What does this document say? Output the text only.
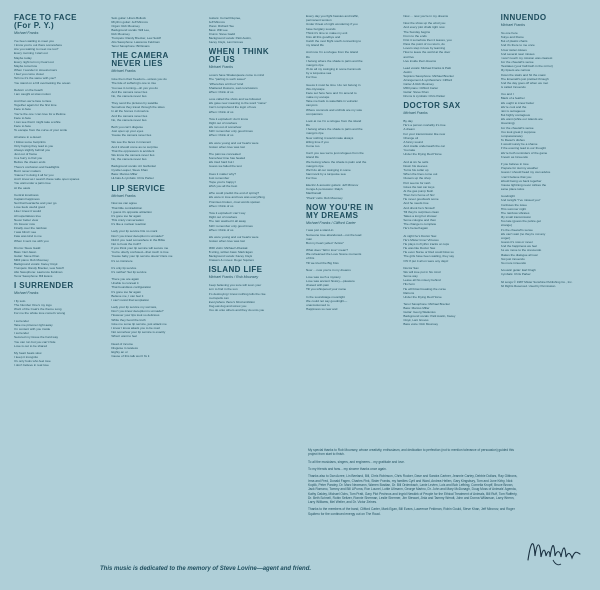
FACE TO FACE
(For P. Y.)
Michael Franks
I've been waiting to meet you
I know you're out there somewhere
Are you waiting to meet me too?
Every morning I start out
Maybe today
Every night turn my heart out
Maybe tomorrow
When I wonder in streetcorners
I feel you come closer
Tell me it's the same with you?
You stand on a hill overlooking the ocean
Reborn on the beach
I am caught at slow motion
And then we're face to face
Together again for the first time
Face to face
You're the one I can love for a lifetime
Face to face
I can see that it might take a while
Face to face
To escape from the curve of your smile
All alone in a desert
I follow some footprints
Only hoping they lead to you
Always slightly behind you
Just out of frame
In a hurry to find you
Before the dream ends
There's confusion and headlights
But it never matters
'Cause I'm doing it all for you
And I know as I search these wide open spaces
You wait under a palm tree
At the oasis
Central loneliness
Captain happiness
Set that heartache and your go
Love feels useful good
Like I knew it would
All superlatives true
Never better view
It's forever now
Finally over the rainbow
I was blind I see
Fate was kind to me
When it sent me with you
Drums: Steve Gadd
Bass: Neil Jason
Guitar: Steve Khan
MIDI piano: Rob Mounsey
Background vocals: Kacey Cisyk
Trumpets: Randy Brecker, Lew Soloff
Alto Saxophone: Lawrence Feldman
Tenor Saxophone: Bill Evans
I SURRENDER
Michael Franks
I fly solo
The Number One's my logo
Worit of the Coat's the theme song
For me the whole love comet's wrong
I surrender
Take me prisoner right away
I'm content with you inside
I surrender
Secured my tissue the hard way
You can run but you can't hide
Love is out to be shared
My heart beats slow
I keep it incognito
It's only fools who feel love
I don't believe in real love
Solo guitar: Hiram Bullock
Rhythm guitar: Jeff Mironov
Organ: Rob Mounsey
Background vocals: Will Lee,
Rob Mounsey
Trumpets: Randy Brecker, Lew Soloff
Alto Saxophone: Lawrence Feldman
Tenor Saxophone: Bill Evans
THE CAMERA
NEVER LIES
Michael Franks
Give them their freedom—unless you do
The tide of suffering's one to rise
You see it coming—oh yes you do
And the camera never lies
No, the camera never lies
They send the pictures by satellite
Somehow they travel through the skies
In all the homes in America
And the camera never lies
No, the camera never lies
Both you can't disguise
Just open up your eyes
'Cause the camera never lies
We see the faces in innocent
And it should come as no surprise
That the oppressors is accident
We know the camera never lies
No, the camera never lies
Background vocals: Art Garfunkel
Cyndie Lauper, Steve Khan
Bass: Marcus Miller
Hi-hats & cymbals: Chris Parker
LIP SERVICE
Michael Franks
Now we can agree
That little contradiction
I guess it's opposite attraction
It's gone too far again
This crazy conversation
It's like a nuclear reaction
Lady your lip service hits no mark
Don't you know deception is unmade?
Didn't you read somewhere in the Bible
Not to hook the truth?
If you think your lip service will secure me
You're utterly confused—that much is true
'Cause baby your lip service doesn't faze me
It's so insincere
It's only lip service
It's neither! Set lip service
There you are again
Unable to conceal it
That boundless configuration
It's gone too far again
Believe me, I can feel it
I can't resist that temptation
Lady your lip service my sorrows,
Don't you know deception is unmade?
However your lips look so delicious
While they bend the truth
Give me some lip service, just attack me
I know I know attack you to be mad
Not somehow your lip service is exactly
What I want to feel
Dead of income
Disguise it careless
Eighty an or
Cause of this talk won't fix it
Guitars: Cornell Dupree,
Jeff Mironov
Piano: Richard Tee
Bass: Will Lee
Drums: Steve Gadd
Background vocals: Patti Austin,
Kacey Cisyk, Lani Groves
WHEN I THINK
OF US
Michael Franks
Lovers have Shakespeare come to mind
The "parting is such sweet"
"Wherefore art thou" kind
Shattered illusions, sad conclusions
When I think of us
Love called the shots and we followed
We gave new meaning to the word "naive"
Can't comprehend the logic of love
When I think of us
How it exploded I don't know
Right out of nowhere
We ran out of somehow
Still I remember only good times
When I think of us
We were young and our hearts were
broken when love was lost
The pain we concealed
Somehow time has healed
We tried hard but I
Guess we failed the test
Does it matter why?
Just remember
Hope you're happy I
Wish you all the best
Who could predict the end of spring?
We were in love and love was everything
Promises broken, cruel words spoken
When I think of us
How it exploded I can't say
Right out of nowhere
The rain washed it all away
Still I remember only good times
When I think of us
We were young and our hearts were
broken when love was lost
MIDI violin: Michael Urbaniak
B string, written bass: Mark Egan
Background vocals: Kacey Cisyk
Drawers & moves: Roger Squitero
ISLAND LIFE
Michael Franks / Rob Mounsey
Keep believing you sure will soon your
turn to find in the sun
It's destroying I know nothing lolls the rise
metropolis can
Everywhere there's blind ambition
Dog eat dog and screw you
You do unto others and they do unto you
Every day you fight hassles and traffic,
permanent tension
Under threat of night wondering if you
have burglary sounds
Think it's time to make my exit
Kiss all this goodbye and
Catch the next flight south connecting to
my island life
And now I'm a refugee from the island
life
I belong where the shade is palm and the
mango's ripe
I'll do all my swinging in some hammock
by a turquoise sea
For free
Guess it must be time I do not belong in
this cityscape
Face set here here and I'm amend to
make my escape
Take me back to waterfalls in volcanic
canyons
Where coconuts and orchids are my sole
companions
Look at me I'm a refugee from the island
life
I belong where the shade is palm and the
mango's ripe
Now nothing it would make always
killing time if you
Come too
Can't you see we're just refugees from the
island life
We belong where the shade is palm and the
mango's ripe
We'll do all our swinging in some
hammock by a turquoise sea
For free
Electric & acoustic guitars: Jeff Mironov
Conga & percussion: Ralph
MacDonald
"Pluck" cello: Rob Mounsey
NOW YOU'RE IN
MY DREAMS
Michael Franks / Clifford Carter
I was just a stand-in
Someone love abandoned—not the lead
man
But my heart yelled "Action"
What does "fall in love" mean?
We rehearsed the Love Scene moments
of this
Till we tried the Big Kiss
Now ... now you're in my dreams
Love was such a mystery
Love was ancient history—pleasure
chased with pain
Till you whispered your name
In the soundstage moonlight
We could not say goodnight—
unaccustomed to
Happiness so new and
Now ... now you're in my dreams
Now the show up the wind you
And every plot chalk right now
The Sunday begins
From to the ends
First it somehow then it leaves, you
Pass the point of no return, do
Lovers step in love by learning
How to leave the world at the door
and live
Live inside their dreams
Lead vocals: Michael Franks & Patti
Austin
Soprano Saxophone: Michael Brecker
Arrangement & synthesizers: Clifford
Carter & Rob Mounsey
MIDI piano: Clifford Carter
Guitar: Steve Khan
Drums & cymbals: Chris Parker
DOCTOR SAX
Michael Franks
By day
He's a person mortality it's true
A dream
For your transmission like new
Change oil
A funny sound
And cradle underneath the car
You take
Under the Flying Red Horse
And at six he sells
Down his sleeves
Turns his collar up
When the lines come out
Closers up the shop
Port seems for rash
Gives the last car keys
At the gas pump flush
Then he's home of his!
He never goodwork some
And he needs true
And drunk he's himself
Till they're surprises clean
Takes a long hot shower
Some cologne and then
The change is complete
He's herself again
At night he's Doctor Sax
He's Mister Inner Virtuoso
He plays in rhythm tracks on tops
He was like Doctor Sax
He even Nurse or Red could blow so
The girls have been wailing, they say
Oh! If put it all on were any days!
Doctor Sax
We will love put in his mind
Some way
Leave all his misery behind
His horn
He will blow breaking the curse
Ratrons
Under the Flying Red Horse
Tenor Saxophone: Michael Brecker
Bass: Marcus Miller
Guitar: Georg Wadenius
Background vocals: Patti Austin, Kacey
Cisyk, Lani Groves
Bass voice: Rob Mounsey
INNUENDO
Michael Franks
No one here
Tokyo and Rome
But of plastic chairs
And it's there to me once
A few stolen kisses
And several near misses
I won't touch my mission was clearest
For the cheetah's sense
Hesitates (your half-bath in the mirror)
My lipsets are narrow
Down the stairs and hit the coast
The Emerald's just prettied through
And the day goes off when we met
Is called Innuendo
You and I
Black of a feather
We ought to know better
We're cool and the
rain is outrageous
But highly contagious
We want (while our islands are
dreaming)
For the cheetah's sense
You look great (I suppose
compassionate)
To Raoul's dishes
It would surely be a shame
If the evening lead to our thought
We're both reminders of the game
Known as Innuendo
If you believe in love
Prepare for stormy weather
Guess I should head my own advice
I can't believe that you
Would being us back together
'Cause lightning never strikes the
same place twice
Goodnight
And tonight "I've missed you"
Confuses the issue
This summer night
The rainbow vibrates
My small transmission
Too late (guess the police get
strange)
It's the cheetah's sense
We can't wait (no they're not any
longer)
Guess it's now or never
And the happiness we feel
As we move to the crescendo
Makes the dialogue all real
Not just innuendo
No more innuendo
Acoustic guitar: Earl Klugh
Cymbals: Chris Parker
All songs © 1987 Mister Sunshine Publishing Co., Inc.
All Rights Reserved. Used by Permission.

My special thanks to Rob Mounsey, whose creativity, enthusiasm, and dedication to perfection (not to mention tolerance of persuasion) guided this project from start to finish.

To all the musicians, singers, and engineers... my gratitude and love.

To my friends and fans... my sincere thanks once again.

Thanks also to Dan Acree, Lin Beeland, Bill, Chris Robinson, Chris Rocker, Dave and Sandra Cartner, Jeannie Cartey, Debbie Dollars, Ray Gibbons, Irma and Fred, Donald Fagen, Charles Fink, Sister Franks, my families Cyril and Ward, Andrea Hellen, Gary Kingsbury, Tom and June Kirby, Nick Koplik, Peter Pandey, Dr. Marc Newmann, Warren Bostian, Dr. Bill Ordenbach, Lanie Levien, Lois and Bob Lefbing, Cornelia Kropff, Bruce Brown, Jack Romano, Tommy and Bill LiPuma, Ron Lounel, Lottie Ullmann, George Marino, Dr. John and Mary McDonagh, Doug Moss of Animals' Agenda, Kathy Oakley, Michael Ochs, Tom Pratt, Gary Plot Pechnos and Ingrid Newkirk of People for the Ethical Treatment of Animals, Bill Ruff, Tom Rafferty, Dr. Beth Schnell, Robin Seltzer, Ronnie Sherman, Leslie Shermer, Jim Stewart, Jinla and Tammy Wendt, John and Donna Willanson, Larry Wrenn, Larry Williams, Mel Weiler, and Dr. Victor Zeines.

Thanks to the members of the band, Clifford Carter, Mark Egan, Bill Evans, Lawrence Feldman, Robin Gould, Steve Khan, Jeff Mironov, and Roger Squitero for the continued energy out on The Road.

This music is dedicated to the memory of Steve Lovine—agent and friend.
